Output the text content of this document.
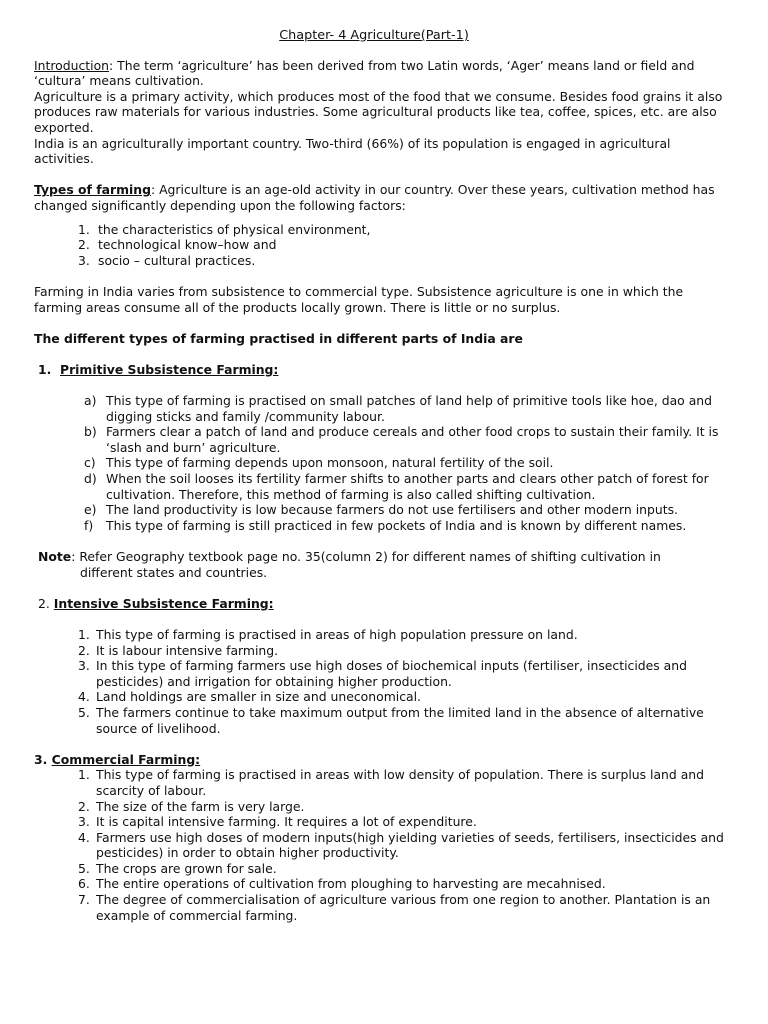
Chapter- 4 Agriculture(Part-1)

Introduction: The term ‘agriculture’ has been derived from two Latin words, ‘Ager’ means land or field and ‘cultura’ means cultivation.

Agriculture is a primary activity, which produces most of the food that we consume. Besides food grains it also produces raw materials for various industries. Some agricultural products like tea, coffee, spices, etc. are also exported.

India is an agriculturally important country. Two-third (66%) of its population is engaged in agricultural activities.

Types of farming: Agriculture is an age-old activity in our country. Over these years, cultivation method has changed significantly depending upon the following factors:

1. the characteristics of physical environment,
2. technological know–how and
3. socio – cultural practices.

Farming in India varies from subsistence to commercial type. Subsistence agriculture is one in which the farming areas consume all of the products locally grown. There is little or no surplus.

The different types of farming practised in different parts of India are

1. Primitive Subsistence Farming:

a) This type of farming is practised on small patches of land help of primitive tools like hoe, dao and digging sticks and family /community labour.
b) Farmers clear a patch of land and produce cereals and other food crops to sustain their family. It is ‘slash and burn’ agriculture.
c) This type of farming depends upon monsoon, natural fertility of the soil.
d) When the soil looses its fertility farmer shifts to another parts and clears other patch of forest for cultivation. Therefore, this method of farming is also called shifting cultivation.
e) The land productivity is low because farmers do not use fertilisers and other modern inputs.
f) This type of farming is still practiced in few pockets of India and is known by different names.

Note: Refer Geography textbook page no. 35(column 2) for different names of shifting cultivation in

different states and countries.

2. Intensive Subsistence Farming:

1. This type of farming is practised in areas of high population pressure on land.
2. It is labour intensive farming.
3. In this type of farming farmers use high doses of biochemical inputs (fertiliser, insecticides and pesticides) and irrigation for obtaining higher production.
4. Land holdings are smaller in size and uneconomical.
5. The farmers continue to take maximum output from the limited land in the absence of alternative source of livelihood.

3. Commercial Farming:

1. This type of farming is practised in areas with low density of population. There is surplus land and scarcity of labour.
2. The size of the farm is very large.
3. It is capital intensive farming. It requires a lot of expenditure.
4. Farmers use high doses of modern inputs(high yielding varieties of seeds, fertilisers, insecticides and pesticides) in order to obtain higher productivity.
5. The crops are grown for sale.
6. The entire operations of cultivation from ploughing to harvesting are mecahnised.
7. The degree of commercialisation of agriculture various from one region to another. Plantation is an example of commercial farming.
